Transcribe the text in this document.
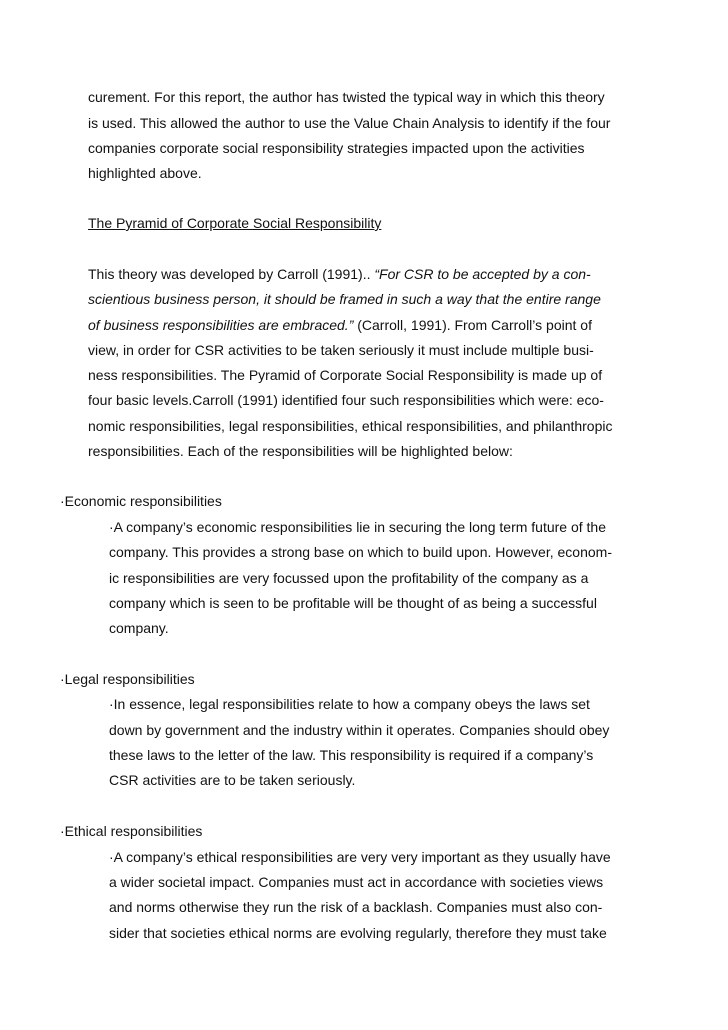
curement. For this report, the author has twisted the typical way in which this theory
is used. This allowed the author to use the Value Chain Analysis to identify if the four
companies corporate social responsibility strategies impacted upon the activities
highlighted above.
The Pyramid of Corporate Social Responsibility
This theory was developed by Carroll (1991).. “For CSR to be accepted by a con-
scientious business person, it should be framed in such a way that the entire range
of business responsibilities are embraced.” (Carroll, 1991). From Carroll’s point of
view, in order for CSR activities to be taken seriously it must include multiple busi-
ness responsibilities. The Pyramid of Corporate Social Responsibility is made up of
four basic levels.Carroll (1991) identified four such responsibilities which were: eco-
nomic responsibilities, legal responsibilities, ethical responsibilities, and philanthropic
responsibilities. Each of the responsibilities will be highlighted below:
·Economic responsibilities
·A company’s economic responsibilities lie in securing the long term future of the
company. This provides a strong base on which to build upon. However, econom-
ic responsibilities are very focussed upon the profitability of the company as a
company which is seen to be profitable will be thought of as being a successful
company.
·Legal responsibilities
·In essence, legal responsibilities relate to how a company obeys the laws set
down by government and the industry within it operates. Companies should obey
these laws to the letter of the law. This responsibility is required if a company’s
CSR activities are to be taken seriously.
·Ethical responsibilities
·A company’s ethical responsibilities are very very important as they usually have
a wider societal impact. Companies must act in accordance with societies views
and norms otherwise they run the risk of a backlash. Companies must also con-
sider that societies ethical norms are evolving regularly, therefore they must take
